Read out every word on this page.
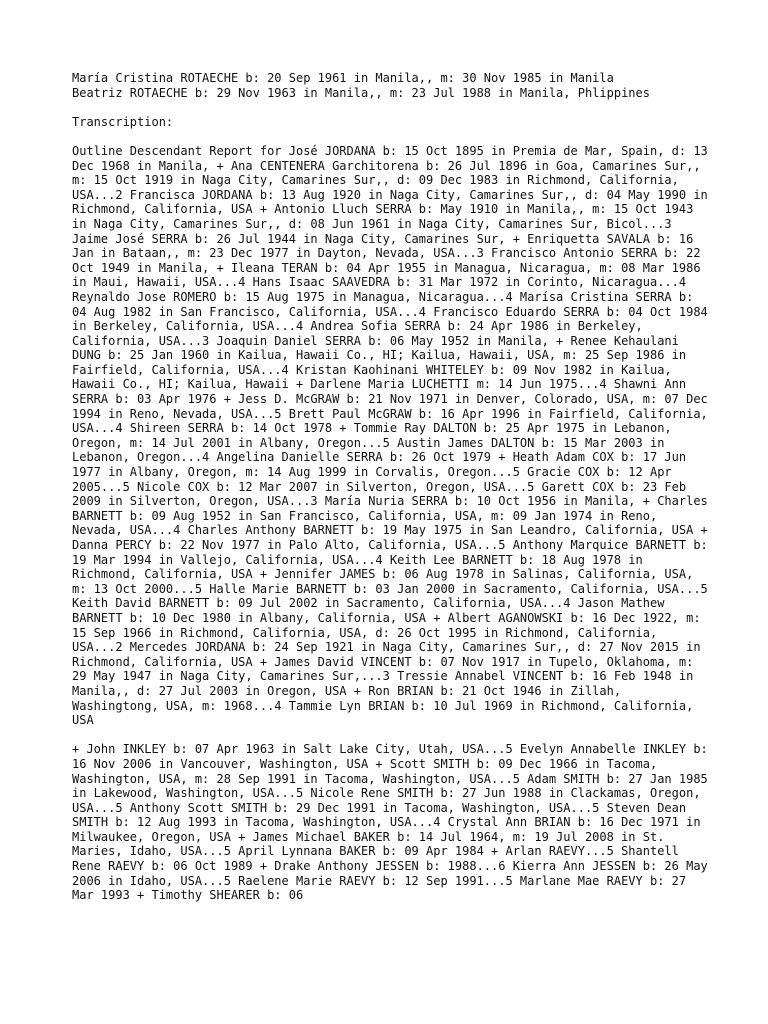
María Cristina ROTAECHE b: 20 Sep 1961 in Manila,, m: 30 Nov 1985 in Manila

Beatriz ROTAECHE b: 29 Nov 1963 in Manila,, m: 23 Jul 1988 in Manila, Phlippines

Transcription:

Outline Descendant Report for José JORDANA b: 15 Oct 1895 in Premia de Mar, Spain, d: 13 Dec 1968 in Manila, + Ana CENTENERA Garchitorena b: 26 Jul 1896 in Goa, Camarines Sur,, m: 15 Oct 1919 in Naga City, Camarines Sur,, d: 09 Dec 1983 in Richmond, California, USA...2 Francisca JORDANA b: 13 Aug 1920 in Naga City, Camarines Sur,, d: 04 May 1990 in Richmond, California, USA + Antonio Lluch SERRA b: May 1910 in Manila,, m: 15 Oct 1943 in Naga City, Camarines Sur,, d: 08 Jun 1961 in Naga City, Camarines Sur, Bicol...3 Jaime José SERRA b: 26 Jul 1944 in Naga City, Camarines Sur, + Enriquetta SAVALA b: 16 Jan in Bataan,, m: 23 Dec 1977 in Dayton, Nevada, USA...3 Francisco Antonio SERRA b: 22 Oct 1949 in Manila, + Ileana TERAN b: 04 Apr 1955 in Managua, Nicaragua, m: 08 Mar 1986 in Maui, Hawaii, USA...4 Hans Isaac SAAVEDRA b: 31 Mar 1972 in Corinto, Nicaragua...4 Reynaldo Jose ROMERO b: 15 Aug 1975 in Managua, Nicaragua...4 Marísa Cristina SERRA b: 04 Aug 1982 in San Francisco, California, USA...4 Francisco Eduardo SERRA b: 04 Oct 1984 in Berkeley, California, USA...4 Andrea Sofia SERRA b: 24 Apr 1986 in Berkeley, California, USA...3 Joaquin Daniel SERRA b: 06 May 1952 in Manila, + Renee Kehaulani DUNG b: 25 Jan 1960 in Kailua, Hawaii Co., HI; Kailua, Hawaii, USA, m: 25 Sep 1986 in Fairfield, California, USA...4 Kristan Kaohinani WHITELEY b: 09 Nov 1982 in Kailua, Hawaii Co., HI; Kailua, Hawaii + Darlene Maria LUCHETTI m: 14 Jun 1975...4 Shawni Ann SERRA b: 03 Apr 1976 + Jess D. McGRAW b: 21 Nov 1971 in Denver, Colorado, USA, m: 07 Dec 1994 in Reno, Nevada, USA...5 Brett Paul McGRAW b: 16 Apr 1996 in Fairfield, California, USA...4 Shireen SERRA b: 14 Oct 1978 + Tommie Ray DALTON b: 25 Apr 1975 in Lebanon, Oregon, m: 14 Jul 2001 in Albany, Oregon...5 Austin James DALTON b: 15 Mar 2003 in Lebanon, Oregon...4 Angelina Danielle SERRA b: 26 Oct 1979 + Heath Adam COX b: 17 Jun 1977 in Albany, Oregon, m: 14 Aug 1999 in Corvalis, Oregon...5 Gracie COX b: 12 Apr 2005...5 Nicole COX b: 12 Mar 2007 in Silverton, Oregon, USA...5 Garett COX b: 23 Feb 2009 in Silverton, Oregon, USA...3 María Nuria SERRA b: 10 Oct 1956 in Manila, + Charles BARNETT b: 09 Aug 1952 in San Francisco, California, USA, m: 09 Jan 1974 in Reno, Nevada, USA...4 Charles Anthony BARNETT b: 19 May 1975 in San Leandro, California, USA + Danna PERCY b: 22 Nov 1977 in Palo Alto, California, USA...5 Anthony Marquice BARNETT b: 19 Mar 1994 in Vallejo, California, USA...4 Keith Lee BARNETT b: 18 Aug 1978 in Richmond, California, USA + Jennifer JAMES b: 06 Aug 1978 in Salinas, California, USA, m: 13 Oct 2000...5 Halle Marie BARNETT b: 03 Jan 2000 in Sacramento, California, USA...5 Keith David BARNETT b: 09 Jul 2002 in Sacramento, California, USA...4 Jason Mathew BARNETT b: 10 Dec 1980 in Albany, California, USA + Albert AGANOWSKI b: 16 Dec 1922, m: 15 Sep 1966 in Richmond, California, USA, d: 26 Oct 1995 in Richmond, California, USA...2 Mercedes JORDANA b: 24 Sep 1921 in Naga City, Camarines Sur,, d: 27 Nov 2015 in Richmond, California, USA + James David VINCENT b: 07 Nov 1917 in Tupelo, Oklahoma, m: 29 May 1947 in Naga City, Camarines Sur,...3 Tressie Annabel VINCENT b: 16 Feb 1948 in Manila,, d: 27 Jul 2003 in Oregon, USA + Ron BRIAN b: 21 Oct 1946 in Zillah, Washingtong, USA, m: 1968...4 Tammie Lyn BRIAN b: 10 Jul 1969 in Richmond, California, USA

+ John INKLEY b: 07 Apr 1963 in Salt Lake City, Utah, USA...5 Evelyn Annabelle INKLEY b: 16 Nov 2006 in Vancouver, Washington, USA + Scott SMITH b: 09 Dec 1966 in Tacoma, Washington, USA, m: 28 Sep 1991 in Tacoma, Washington, USA...5 Adam SMITH b: 27 Jan 1985 in Lakewood, Washington, USA...5 Nicole Rene SMITH b: 27 Jun 1988 in Clackamas, Oregon, USA...5 Anthony Scott SMITH b: 29 Dec 1991 in Tacoma, Washington, USA...5 Steven Dean SMITH b: 12 Aug 1993 in Tacoma, Washington, USA...4 Crystal Ann BRIAN b: 16 Dec 1971 in Milwaukee, Oregon, USA + James Michael BAKER b: 14 Jul 1964, m: 19 Jul 2008 in St. Maries, Idaho, USA...5 April Lynnana BAKER b: 09 Apr 1984 + Arlan RAEVY...5 Shantell Rene RAEVY b: 06 Oct 1989 + Drake Anthony JESSEN b: 1988...6 Kierra Ann JESSEN b: 26 May 2006 in Idaho, USA...5 Raelene Marie RAEVY b: 12 Sep 1991...5 Marlane Mae RAEVY b: 27 Mar 1993 + Timothy SHEARER b: 06
